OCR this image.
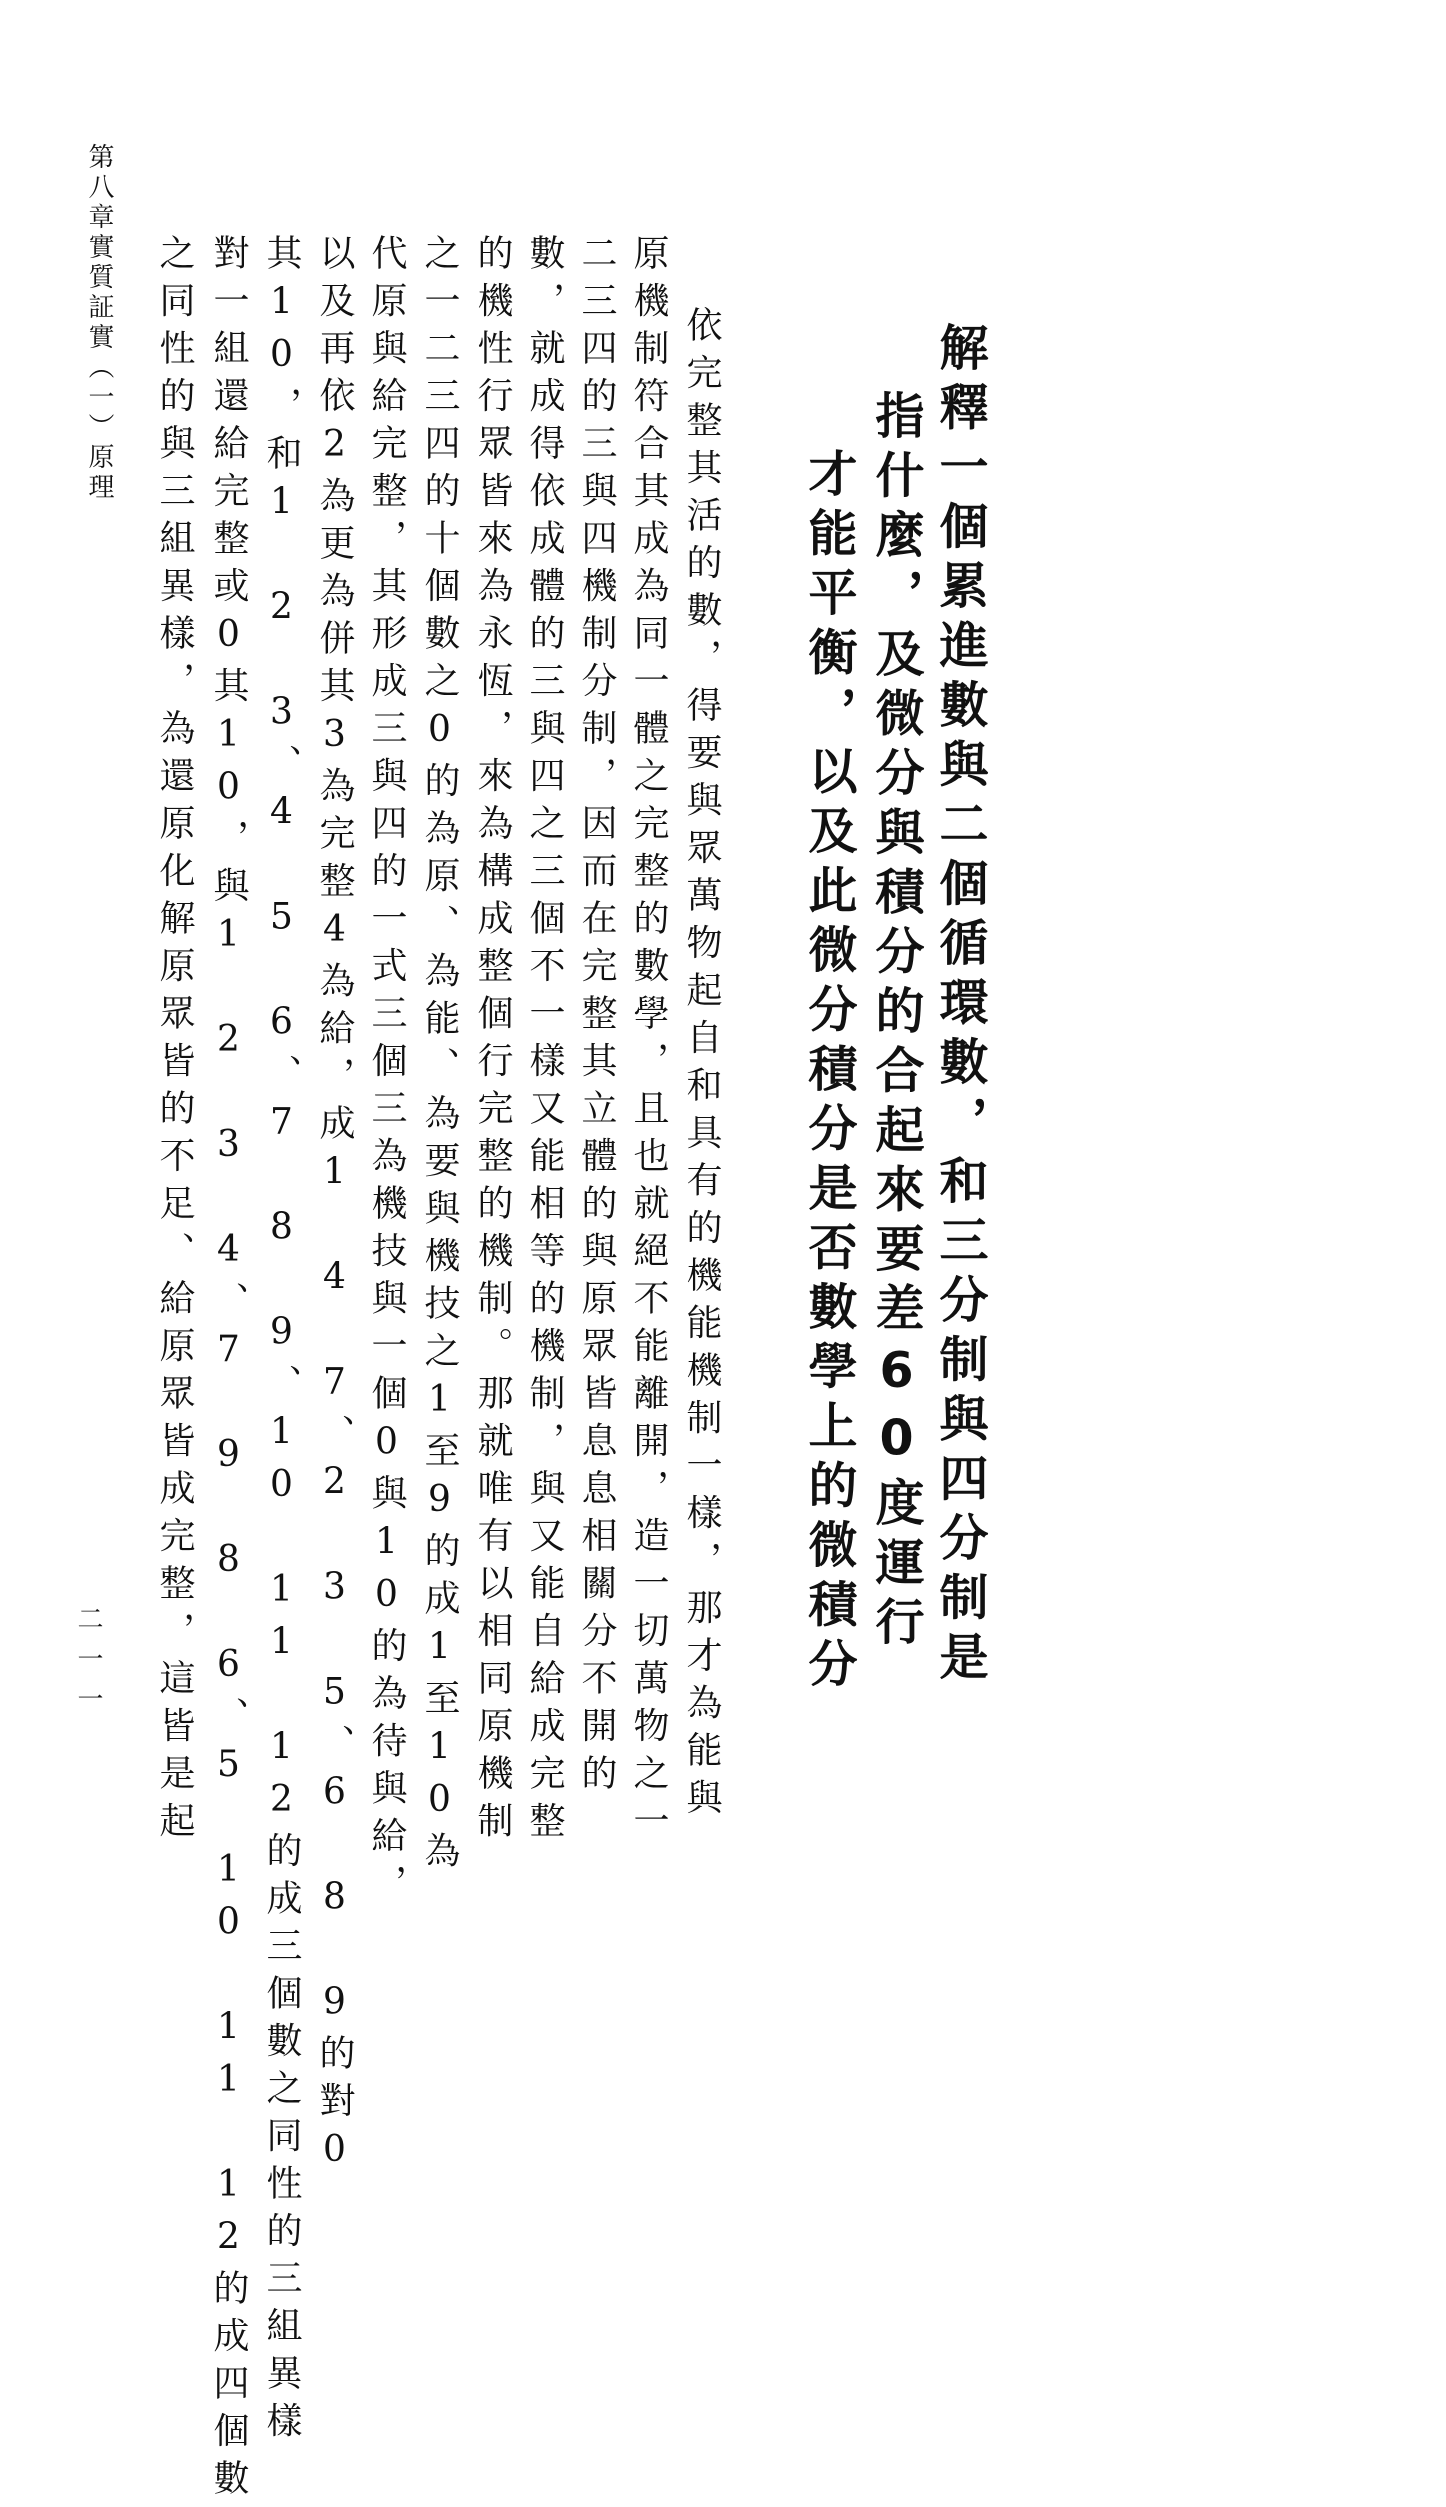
第八章實質証實（一）原理
二一一	解釋一個累進數與二個循環數，和三分制與四分制是
指什麼，及微分與積分的合起來要差60度運行
才能平衡，以及此微分積分是否數學上的微積分
依完整其活的數，得要與眾萬物起自和具有的機能機制一樣，那才為能與
原機制符合其成為同一體之完整的數學，且也就絕不能離開，造一切萬物之一
二三四的三與四機制分制，因而在完整其立體的與原眾皆息息相關分不開的
數，就成得依成體的三與四之三個不一樣又能相等的機制，與又能自給成完整
的機性行眾皆來為永恆，來為構成整個行完整的機制。那就唯有以相同原機制
之一二三四的十個數之0的為原、為能、為要與機技之1至9的成1至10為
代原與給完整，其形成三與四的一式三個三為機技與一個0與10的為待與給，
以及再依2為更為併其3為完整4為給，成1 4 7、2 3 5、6 8 9的對0
其10，和1 2 3、4 5 6、7 8 9、10 11 12的成三個數之同性的三組異樣
對一組還給完整或0其10，與1 2 3 4、7 9 8 6、5 10 11 12的成四個數
之同性的與三組異樣，為還原化解原眾皆的不足、給原眾皆成完整，這皆是起
